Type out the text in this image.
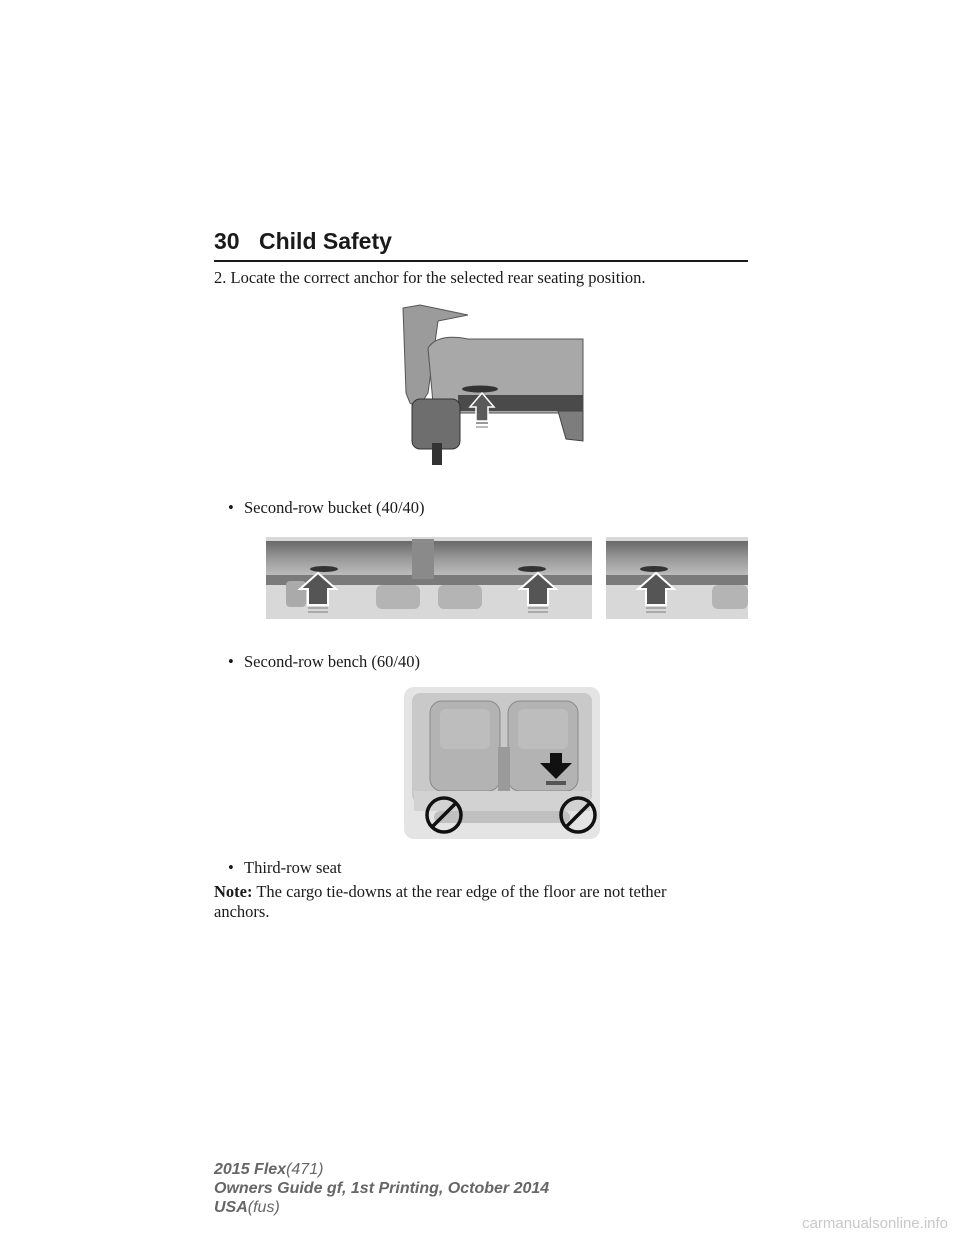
30 Child Safety
2. Locate the correct anchor for the selected rear seating position.
• Second-row bucket (40/40)
• Second-row bench (60/40)
• Third-row seat
Note: The cargo tie-downs at the rear edge of the floor are not tether
anchors.
2015 Flex(471)
Owners Guide gf, 1st Printing, October 2014
USA(fus)
carmanualsonline.info
